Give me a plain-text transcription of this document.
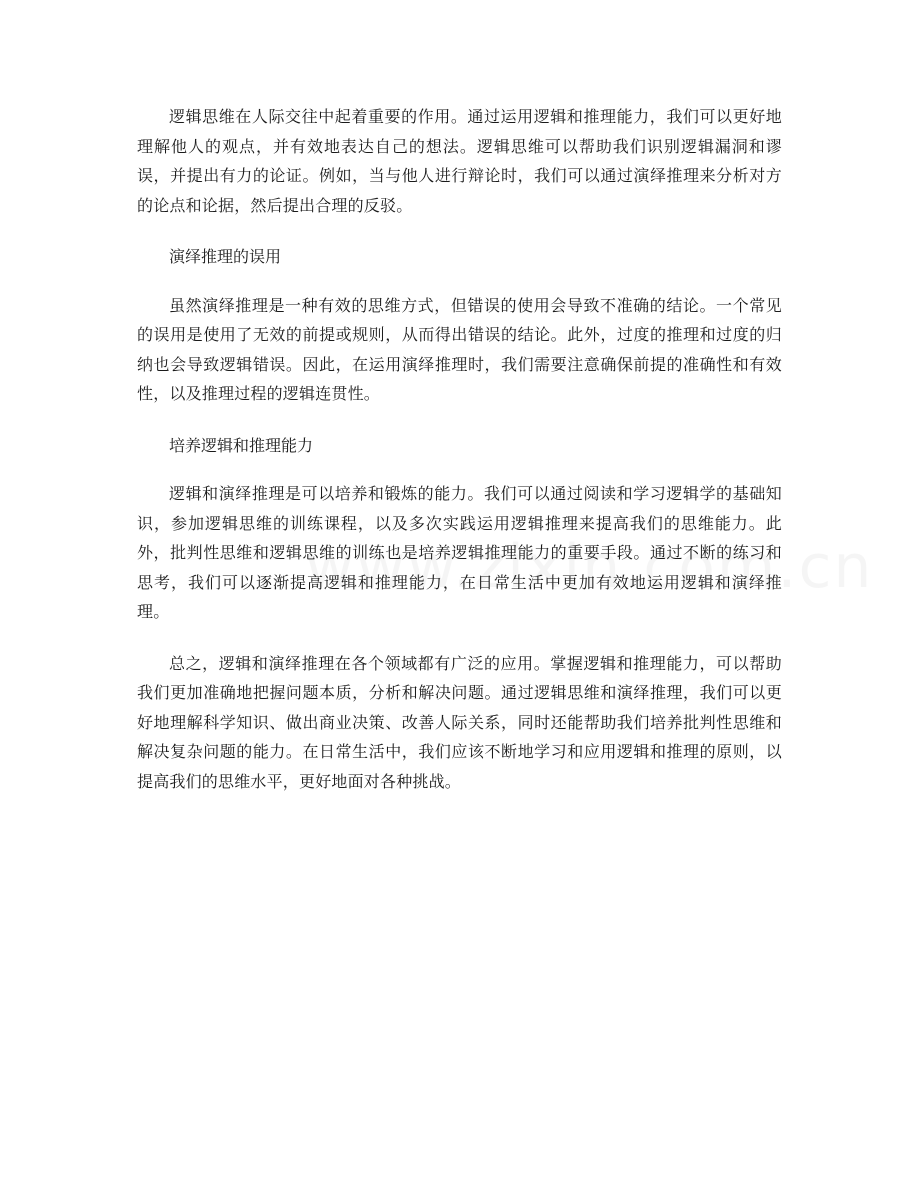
逻辑思维在人际交往中起着重要的作用。通过运用逻辑和推理能力，我们可以更好地理解他人的观点，并有效地表达自己的想法。逻辑思维可以帮助我们识别逻辑漏洞和谬误，并提出有力的论证。例如，当与他人进行辩论时，我们可以通过演绎推理来分析对方的论点和论据，然后提出合理的反驳。

演绎推理的误用

虽然演绎推理是一种有效的思维方式，但错误的使用会导致不准确的结论。一个常见的误用是使用了无效的前提或规则，从而得出错误的结论。此外，过度的推理和过度的归纳也会导致逻辑错误。因此，在运用演绎推理时，我们需要注意确保前提的准确性和有效性，以及推理过程的逻辑连贯性。

培养逻辑和推理能力

逻辑和演绎推理是可以培养和锻炼的能力。我们可以通过阅读和学习逻辑学的基础知识，参加逻辑思维的训练课程，以及多次实践运用逻辑推理来提高我们的思维能力。此外，批判性思维和逻辑思维的训练也是培养逻辑推理能力的重要手段。通过不断的练习和思考，我们可以逐渐提高逻辑和推理能力，在日常生活中更加有效地运用逻辑和演绎推理。

总之，逻辑和演绎推理在各个领域都有广泛的应用。掌握逻辑和推理能力，可以帮助我们更加准确地把握问题本质，分析和解决问题。通过逻辑思维和演绎推理，我们可以更好地理解科学知识、做出商业决策、改善人际关系，同时还能帮助我们培养批判性思维和解决复杂问题的能力。在日常生活中，我们应该不断地学习和应用逻辑和推理的原则，以提高我们的思维水平，更好地面对各种挑战。
